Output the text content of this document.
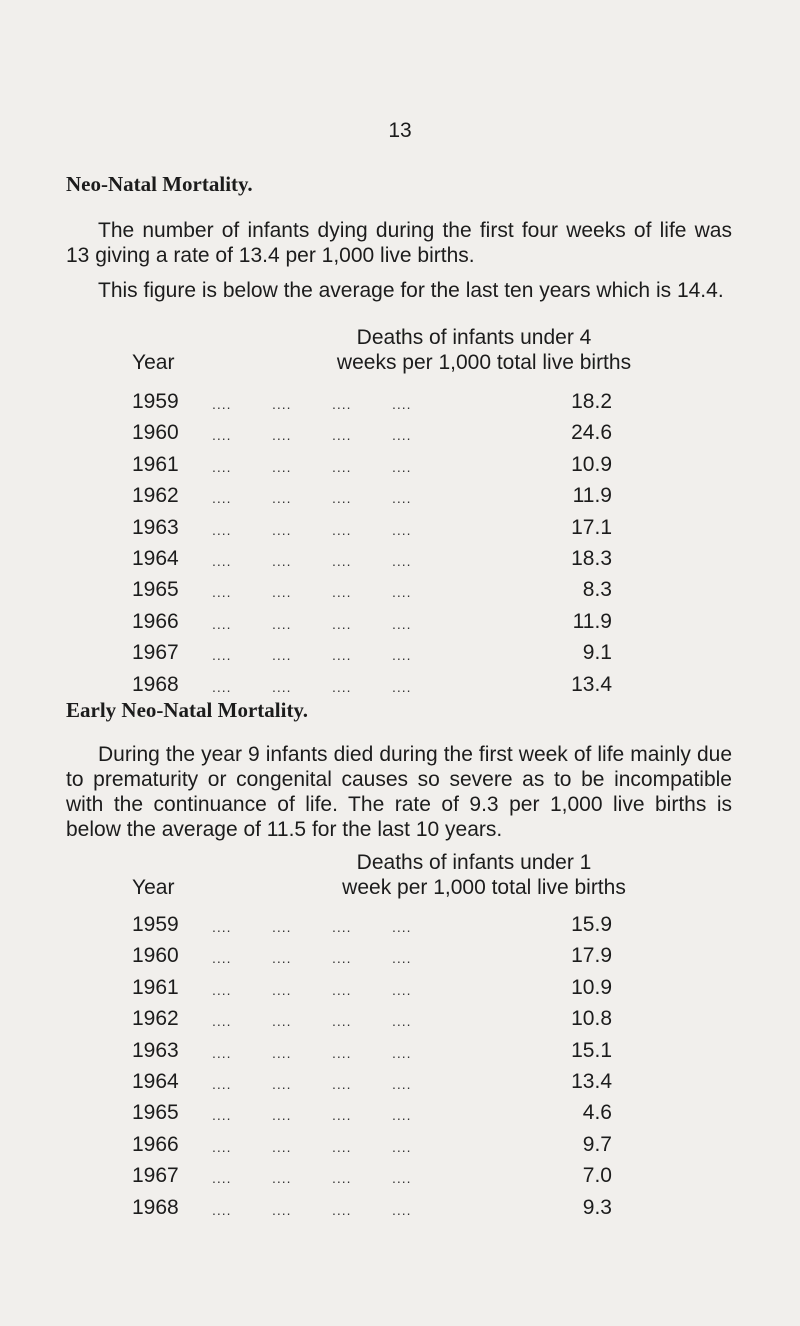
13
Neo-Natal Mortality.
The number of infants dying during the first four weeks of life was 13 giving a rate of 13.4 per 1,000 live births.
This figure is below the average for the last ten years which is 14.4.
Year
Deaths of infants under 4
weeks per 1,000 total live births
1959 ....	....	....	....	18.2
1960 ....	....	....	....	24.6
1961 ....	....	....	....	10.9
1962 ....	....	....	....	11.9
1963 ....	....	....	....	17.1
1964 ....	....	....	....	18.3
1965 ....	....	....	....	8.3
1966 ....	....	....	....	11.9
1967 ....	....	....	....	9.1
1968 ....	....	....	....	13.4
Early Neo-Natal Mortality.
During the year 9 infants died during the first week of life mainly due to prematurity or congenital causes so severe as to be incompatible with the continuance of life. The rate of 9.3 per 1,000 live births is below the average of 11.5 for the last 10 years.
Year
Deaths of infants under 1
week per 1,000 total live births
1959 ....	....	....	....	15.9
1960 ....	....	....	....	17.9
1961 ....	....	....	....	10.9
1962 ....	....	....	....	10.8
1963 ....	....	....	....	15.1
1964 ....	....	....	....	13.4
1965 ....	....	....	....	4.6
1966 ....	....	....	....	9.7
1967 ....	....	....	....	7.0
1968 ....	....	....	....	9.3
